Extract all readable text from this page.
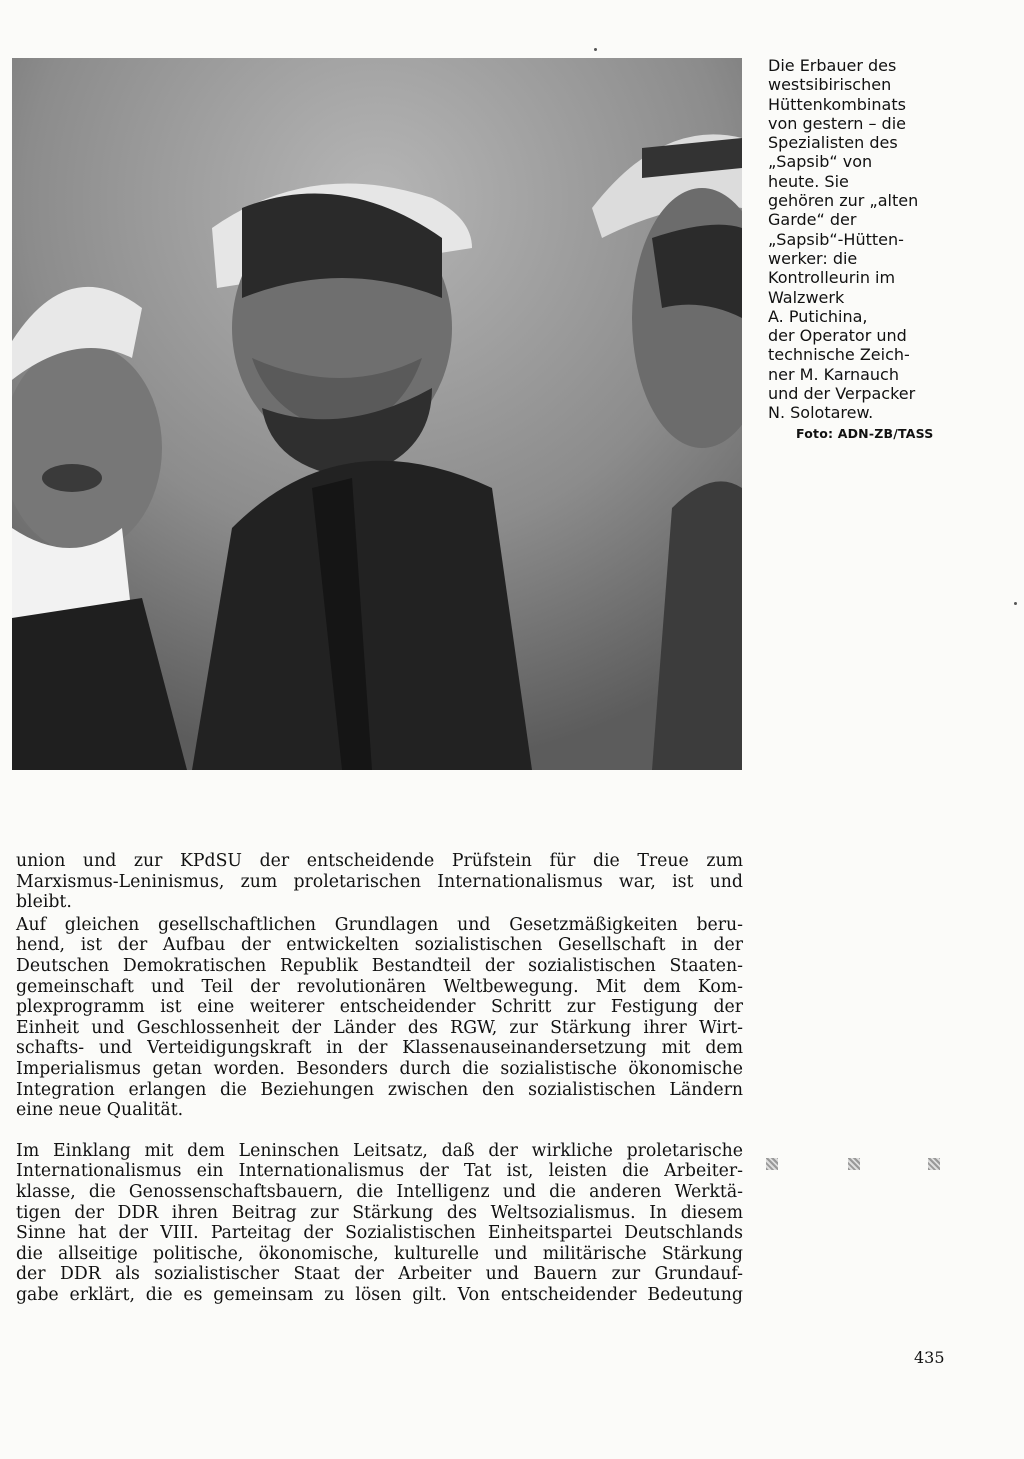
Die Erbauer des
westsibirischen
Hüttenkombinats
von gestern – die
Spezialisten des
„Sapsib“ von
heute. Sie
gehören zur „alten
Garde“ der
„Sapsib“-Hütten-
werker: die
Kontrolleurin im
Walzwerk
A. Putichina,
der Operator und
technische Zeich-
ner M. Karnauch
und der Verpacker
N. Solotarew.
Foto: ADN-ZB/TASS
union und zur KPdSU der entscheidende Prüfstein für die Treue zum
Marxismus-Leninismus, zum proletarischen Internationalismus war, ist und
bleibt.
Auf gleichen gesellschaftlichen Grundlagen und Gesetzmäßigkeiten beru-
hend, ist der Aufbau der entwickelten sozialistischen Gesellschaft in der
Deutschen Demokratischen Republik Bestandteil der sozialistischen Staaten-
gemeinschaft und Teil der revolutionären Weltbewegung. Mit dem Kom-
plexprogramm ist eine weiterer entscheidender Schritt zur Festigung der
Einheit und Geschlossenheit der Länder des RGW, zur Stärkung ihrer Wirt-
schafts- und Verteidigungskraft in der Klassenauseinandersetzung mit dem
Imperialismus getan worden. Besonders durch die sozialistische ökonomische
Integration erlangen die Beziehungen zwischen den sozialistischen Ländern
eine neue Qualität.
Im Einklang mit dem Leninschen Leitsatz, daß der wirkliche proletarische
Internationalismus ein Internationalismus der Tat ist, leisten die Arbeiter-
klasse, die Genossenschaftsbauern, die Intelligenz und die anderen Werktä-
tigen der DDR ihren Beitrag zur Stärkung des Weltsozialismus. In diesem
Sinne hat der VIII. Parteitag der Sozialistischen Einheitspartei Deutschlands
die allseitige politische, ökonomische, kulturelle und militärische Stärkung
der DDR als sozialistischer Staat der Arbeiter und Bauern zur Grundauf-
gabe erklärt, die es gemeinsam zu lösen gilt. Von entscheidender Bedeutung
435
